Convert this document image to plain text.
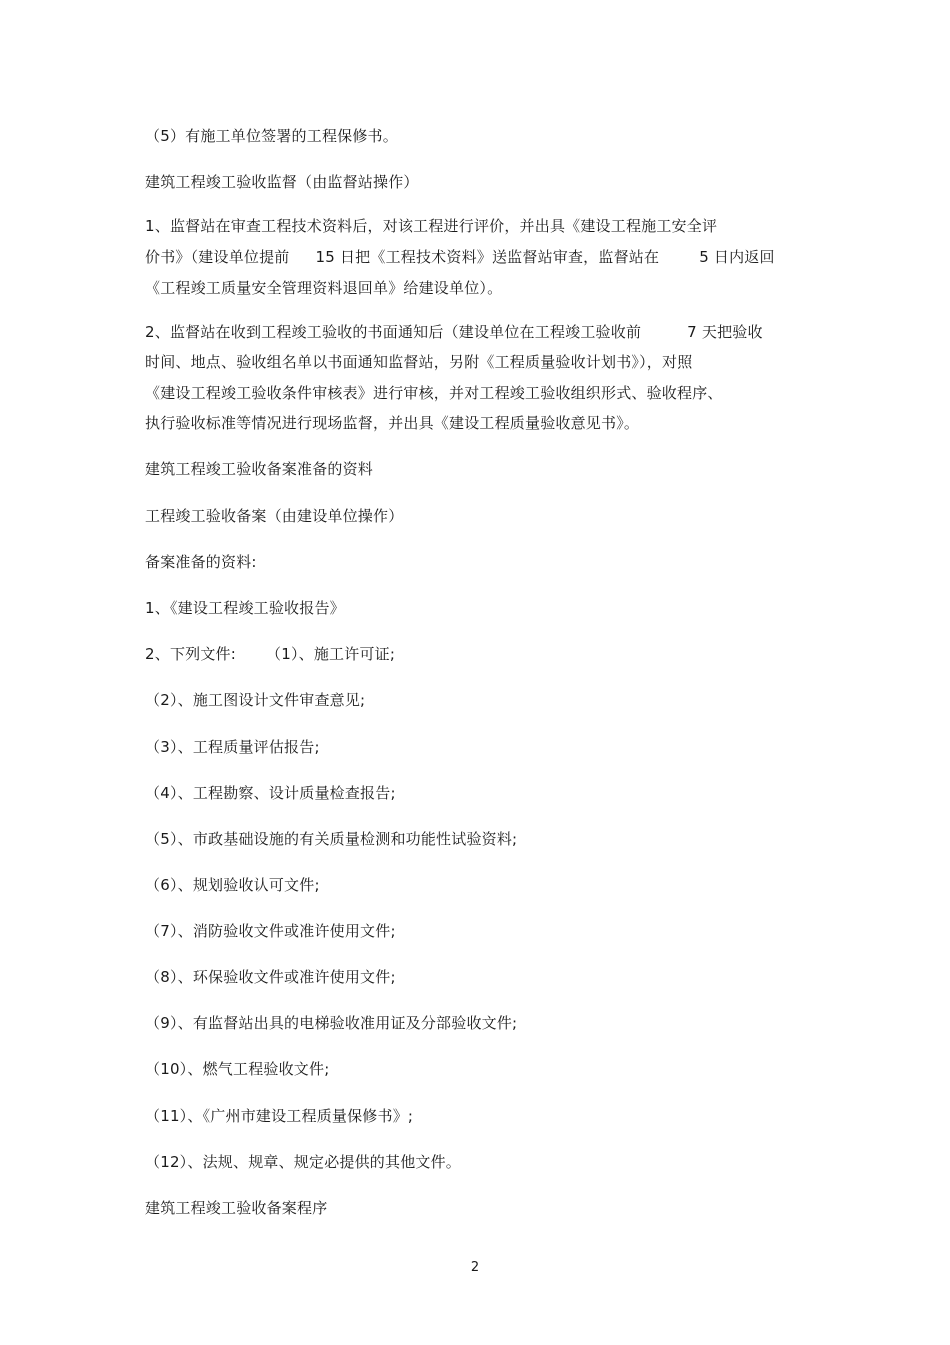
（5）有施工单位签署的工程保修书。
建筑工程竣工验收监督（由监督站操作）
1、监督站在审查工程技术资料后，对该工程进行评价，并出具《建设工程施工安全评
价书》（建设单位提前 15 日把《工程技术资料》送监督站审查，监督站在	5 日内返回
《工程竣工质量安全管理资料退回单》给建设单位）。
2、监督站在收到工程竣工验收的书面通知后（建设单位在工程竣工验收前	7 天把验收
时间、地点、验收组名单以书面通知监督站，另附《工程质量验收计划书》），对照
《建设工程竣工验收条件审核表》进行审核，并对工程竣工验收组织形式、验收程序、
执行验收标准等情况进行现场监督，并出具《建设工程质量验收意见书》。
建筑工程竣工验收备案准备的资料
工程竣工验收备案（由建设单位操作）
备案准备的资料:
1、《建设工程竣工验收报告》
2、下列文件: （1）、施工许可证;
（2）、施工图设计文件审查意见;
（3）、工程质量评估报告;
（4）、工程勘察、设计质量检查报告;
（5）、市政基础设施的有关质量检测和功能性试验资料;
（6）、规划验收认可文件;
（7）、消防验收文件或准许使用文件;
（8）、环保验收文件或准许使用文件;
（9）、有监督站出具的电梯验收准用证及分部验收文件;
（10）、燃气工程验收文件;
（11）、《广州市建设工程质量保修书》;
（12）、法规、规章、规定必提供的其他文件。
建筑工程竣工验收备案程序
2
